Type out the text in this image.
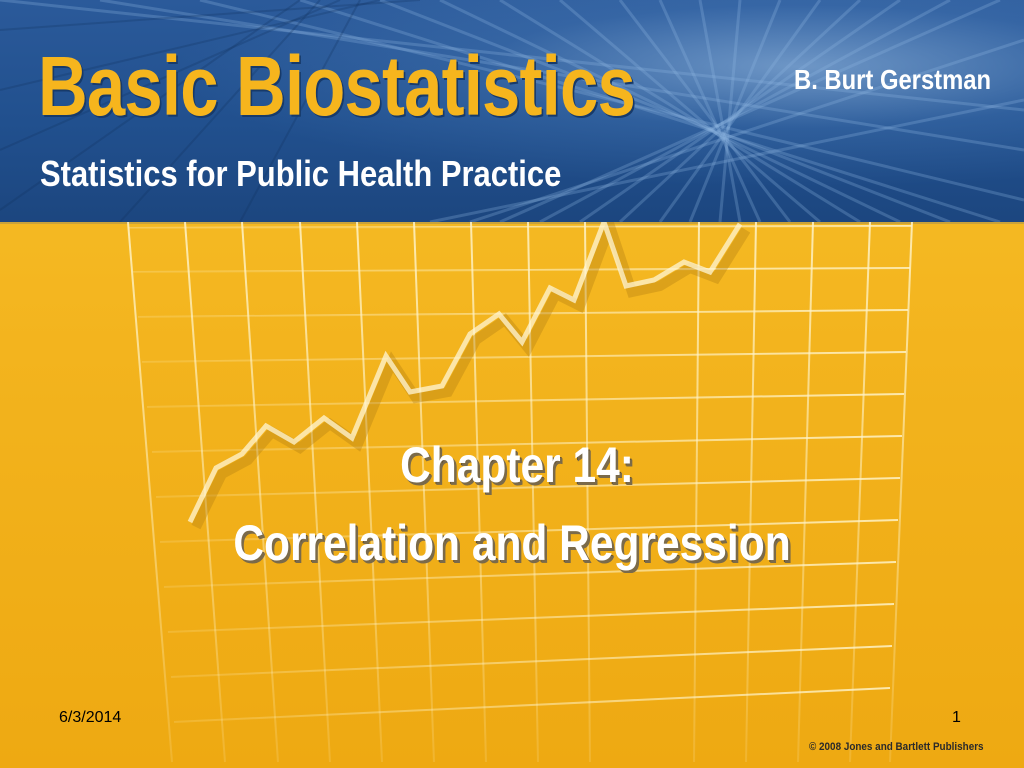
Basic Biostatistics
Statistics for Public Health Practice
B. Burt Gerstman
Chapter 14:
Correlation and Regression
6/3/2014	1
© 2008 Jones and Bartlett Publishers
